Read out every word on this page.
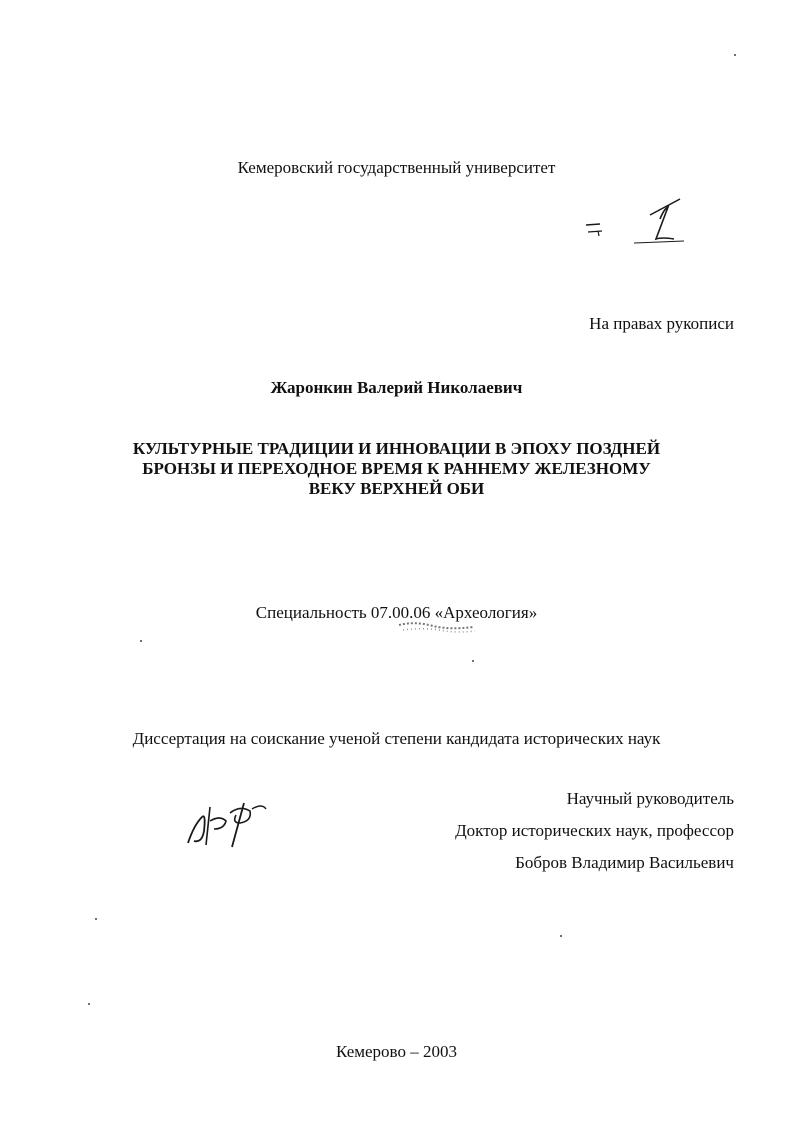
Кемеровский государственный университет
На правах рукописи
Жаронкин Валерий Николаевич
КУЛЬТУРНЫЕ ТРАДИЦИИ И ИННОВАЦИИ В ЭПОХУ ПОЗДНЕЙ
БРОНЗЫ И ПЕРЕХОДНОЕ ВРЕМЯ К РАННЕМУ ЖЕЛЕЗНОМУ
ВЕКУ ВЕРХНЕЙ ОБИ
Специальность 07.00.06 «Археология»
Диссертация на соискание ученой степени кандидата исторических наук
Научный руководитель
Доктор исторических наук, профессор
Бобров Владимир Васильевич
Кемерово – 2003
